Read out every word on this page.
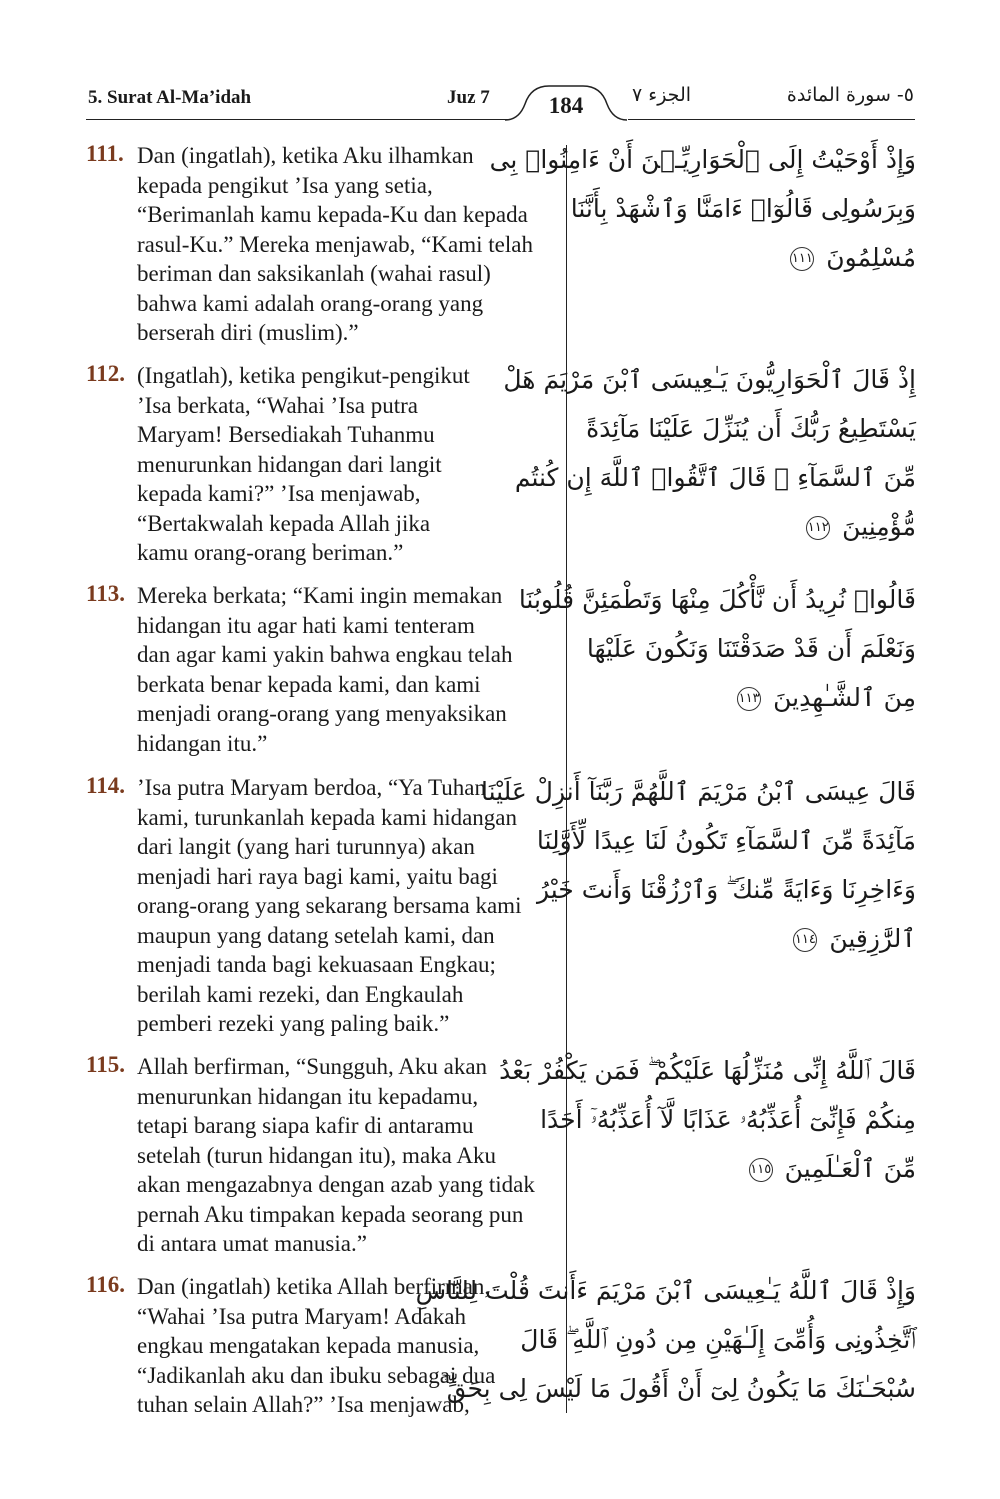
5. Surat Al-Ma’idah	Juz 7	184	الجزء ٧	٥- سورة المائدة
111. Dan (ingatlah), ketika Aku ilhamkan
kepada pengikut ’Isa yang setia,
“Berimanlah kamu kepada-Ku dan kepada
rasul-Ku.” Mereka menjawab, “Kami telah
beriman dan saksikanlah (wahai rasul)
bahwa kami adalah orang-orang yang
berserah diri (muslim).”
وَإِذْ أَوْحَيْتُ إِلَى ٱلْحَوَارِيِّـۧنَ أَنْ ءَامِنُوا۟ بِى
وَبِرَسُولِى قَالُوٓا۟ ءَامَنَّا وَٱشْهَدْ بِأَنَّنَا
مُسْلِمُونَ ١١١
112. (Ingatlah), ketika pengikut-pengikut
’Isa berkata, “Wahai ’Isa putra
Maryam! Bersediakah Tuhanmu
menurunkan hidangan dari langit
kepada kami?” ’Isa menjawab,
“Bertakwalah kepada Allah jika
kamu orang-orang beriman.”
إِذْ قَالَ ٱلْحَوَارِيُّونَ يَـٰعِيسَى ٱبْنَ مَرْيَمَ هَلْ
يَسْتَطِيعُ رَبُّكَ أَن يُنَزِّلَ عَلَيْنَا مَآئِدَةً
مِّنَ ٱلسَّمَآءِ ۖ قَالَ ٱتَّقُوا۟ ٱللَّهَ إِن كُنتُم
مُّؤْمِنِينَ ١١٢
113. Mereka berkata; “Kami ingin memakan
hidangan itu agar hati kami tenteram
dan agar kami yakin bahwa engkau telah
berkata benar kepada kami, dan kami
menjadi orang-orang yang menyaksikan
hidangan itu.”
قَالُوا۟ نُرِيدُ أَن نَّأْكُلَ مِنْهَا وَتَطْمَئِنَّ قُلُوبُنَا
وَنَعْلَمَ أَن قَدْ صَدَقْتَنَا وَنَكُونَ عَلَيْهَا
مِنَ ٱلشَّـٰهِدِينَ ١١٣
114. ’Isa putra Maryam berdoa, “Ya Tuhan
kami, turunkanlah kepada kami hidangan
dari langit (yang hari turunnya) akan
menjadi hari raya bagi kami, yaitu bagi
orang-orang yang sekarang bersama kami
maupun yang datang setelah kami, dan
menjadi tanda bagi kekuasaan Engkau;
berilah kami rezeki, dan Engkaulah
pemberi rezeki yang paling baik.”
قَالَ عِيسَى ٱبْنُ مَرْيَمَ ٱللَّهُمَّ رَبَّنَآ أَنزِلْ عَلَيْنَا
مَآئِدَةً مِّنَ ٱلسَّمَآءِ تَكُونُ لَنَا عِيدًا لِّأَوَّلِنَا
وَءَاخِرِنَا وَءَايَةً مِّنكَ ۖ وَٱرْزُقْنَا وَأَنتَ خَيْرُ
ٱلرَّٰزِقِينَ ١١٤
115. Allah berfirman, “Sungguh, Aku akan
menurunkan hidangan itu kepadamu,
tetapi barang siapa kafir di antaramu
setelah (turun hidangan itu), maka Aku
akan mengazabnya dengan azab yang tidak
pernah Aku timpakan kepada seorang pun
di antara umat manusia.”
قَالَ ٱللَّهُ إِنِّى مُنَزِّلُهَا عَلَيْكُمْ ۖ فَمَن يَكْفُرْ بَعْدُ
مِنكُمْ فَإِنِّىٓ أُعَذِّبُهُۥ عَذَابًا لَّآ أُعَذِّبُهُۥٓ أَحَدًا
مِّنَ ٱلْعَـٰلَمِينَ ١١٥
116. Dan (ingatlah) ketika Allah berfirman,
“Wahai ’Isa putra Maryam! Adakah
engkau mengatakan kepada manusia,
“Jadikanlah aku dan ibuku sebagai dua
tuhan selain Allah?” ’Isa menjawab,
وَإِذْ قَالَ ٱللَّهُ يَـٰعِيسَى ٱبْنَ مَرْيَمَ ءَأَنتَ قُلْتَ لِلنَّاسِ
ٱتَّخِذُونِى وَأُمِّىَ إِلَـٰهَيْنِ مِن دُونِ ٱللَّهِ ۖ قَالَ
سُبْحَـٰنَكَ مَا يَكُونُ لِىٓ أَنْ أَقُولَ مَا لَيْسَ لِى بِحَقٍّ ۚ
